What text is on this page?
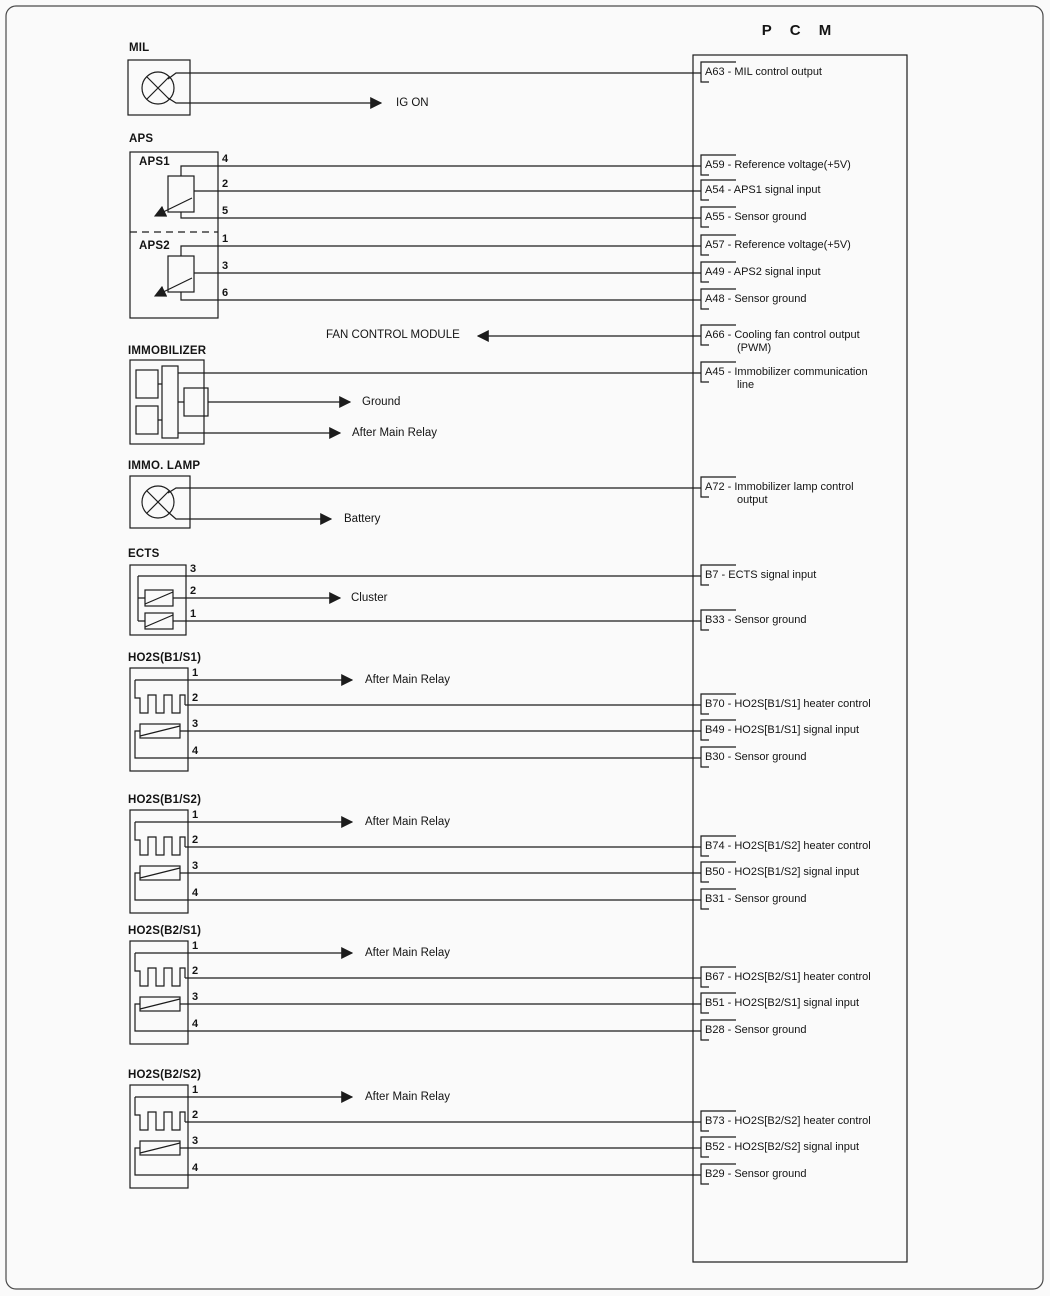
P C M
MIL
APS
APS1
APS2
IMMOBILIZER
IMMO. LAMP
ECTS
HO2S(B1/S1)
HO2S(B1/S2)
HO2S(B2/S1)
HO2S(B2/S2)
IG ON
FAN CONTROL MODULE
Ground
After Main Relay
Battery
Cluster
After Main Relay
After Main Relay
After Main Relay
After Main Relay
4
2
5
1
3
6
3
2
1
1
2
3
4
1
2
3
4
1
2
3
4
1
2
3
4
A63 - MIL control output
A59 - Reference voltage(+5V)
A54 - APS1 signal input
A55 - Sensor ground
A57 - Reference voltage(+5V)
A49 - APS2 signal input
A48 - Sensor ground
A66 - Cooling fan control output
(PWM)
A45 - Immobilizer communication
line
A72 - Immobilizer lamp control
output
B7 - ECTS signal input
B33 - Sensor ground
B70 - HO2S[B1/S1] heater control
B49 - HO2S[B1/S1] signal input
B30 - Sensor ground
B74 - HO2S[B1/S2] heater control
B50 - HO2S[B1/S2] signal input
B31 - Sensor ground
B67 - HO2S[B2/S1] heater control
B51 - HO2S[B2/S1] signal input
B28 - Sensor ground
B73 - HO2S[B2/S2] heater control
B52 - HO2S[B2/S2] signal input
B29 - Sensor ground
